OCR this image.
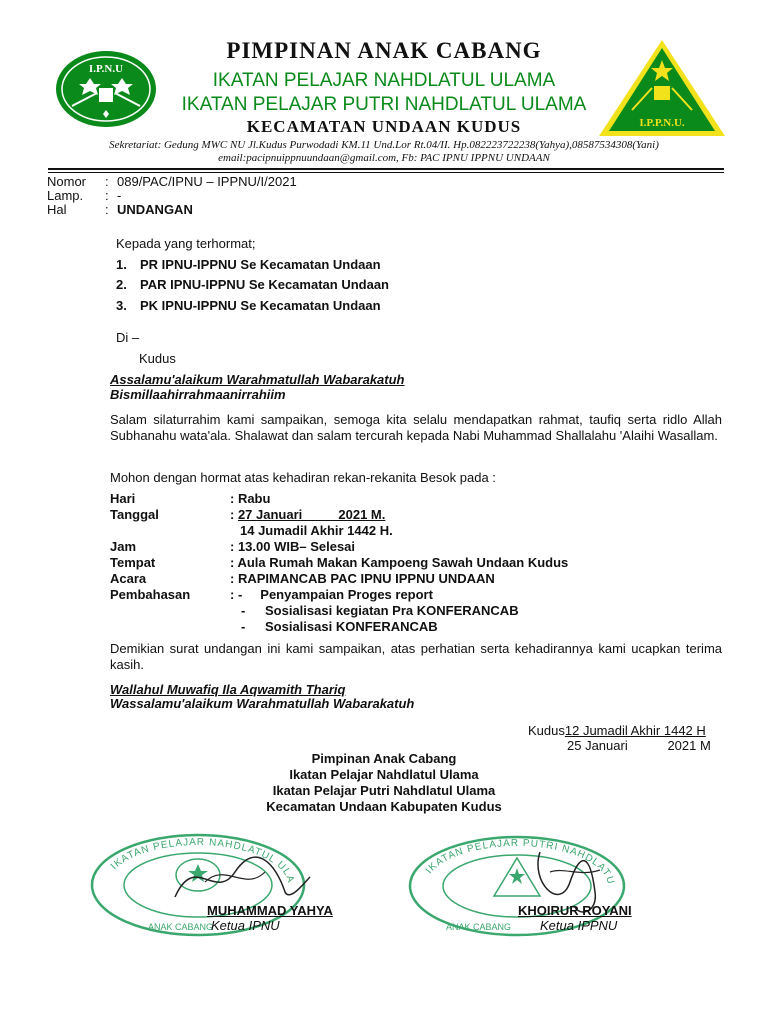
I.P.N.U
I.P.P.N.U.
PIMPINAN ANAK CABANG
IKATAN PELAJAR NAHDLATUL ULAMA
IKATAN PELAJAR PUTRI NAHDLATUL ULAMA
KECAMATAN UNDAAN KUDUS
Sekretariat: Gedung MWC NU Jl.Kudus Purwodadi KM.11 Und.Lor Rt.04/II. Hp.082223722238(Yahya),08587534308(Yani)
email:pacipnuippnuundaan@gmail.com, Fb: PAC IPNU IPPNU UNDAAN
Nomor : 089/PAC/IPNU – IPPNU/I/2021
Lamp. : -
Hal	: UNDANGAN
Kepada yang terhormat;
1. PR IPNU-IPPNU Se Kecamatan Undaan
2. PAR IPNU-IPPNU Se Kecamatan Undaan
3. PK IPNU-IPPNU Se Kecamatan Undaan
Di –
Kudus
Assalamu'alaikum Warahmatullah Wabarakatuh
Bismillaahirrahmaanirrahiim
Salam silaturrahim kami sampaikan, semoga kita selalu mendapatkan rahmat, taufiq serta ridlo Allah Subhanahu wata'ala. Shalawat dan salam tercurah kepada Nabi Muhammad Shallalahu 'Alaihi Wasallam.
Mohon dengan hormat atas kehadiran rekan-rekanita Besok pada :
Hari	: Rabu
Tanggal	: 27 Januari          2021 M.
14 Jumadil Akhir 1442 H.
Jam	: 13.00 WIB– Selesai
Tempat	: Aula Rumah Makan Kampoeng Sawah Undaan Kudus
Acara	: RAPIMANCAB PAC IPNU IPPNU UNDAAN
Pembahasan	: - Penyampaian Proges report
- Sosialisasi kegiatan Pra KONFERANCAB
- Sosialisasi KONFERANCAB
Demikian surat undangan ini kami sampaikan, atas perhatian serta kehadirannya kami ucapkan terima kasih.
Wallahul Muwafiq Ila Aqwamith Thariq
Wassalamu'alaikum Warahmatullah Wabarakatuh
Kudus12 Jumadil Akhir 1442 H
25 Januari           2021 M
Pimpinan Anak Cabang
Ikatan Pelajar Nahdlatul Ulama
Ikatan Pelajar Putri Nahdlatul Ulama
Kecamatan Undaan Kabupaten Kudus
IKATAN PELAJAR NAHDLATUL ULA
ANAK CABANG
IKATAN PELAJAR PUTRI NAHDLATU
ANAK CABANG
MUHAMMAD YAHYA
Ketua IPNU
KHOIRUR ROYANI
Ketua IPPNU
